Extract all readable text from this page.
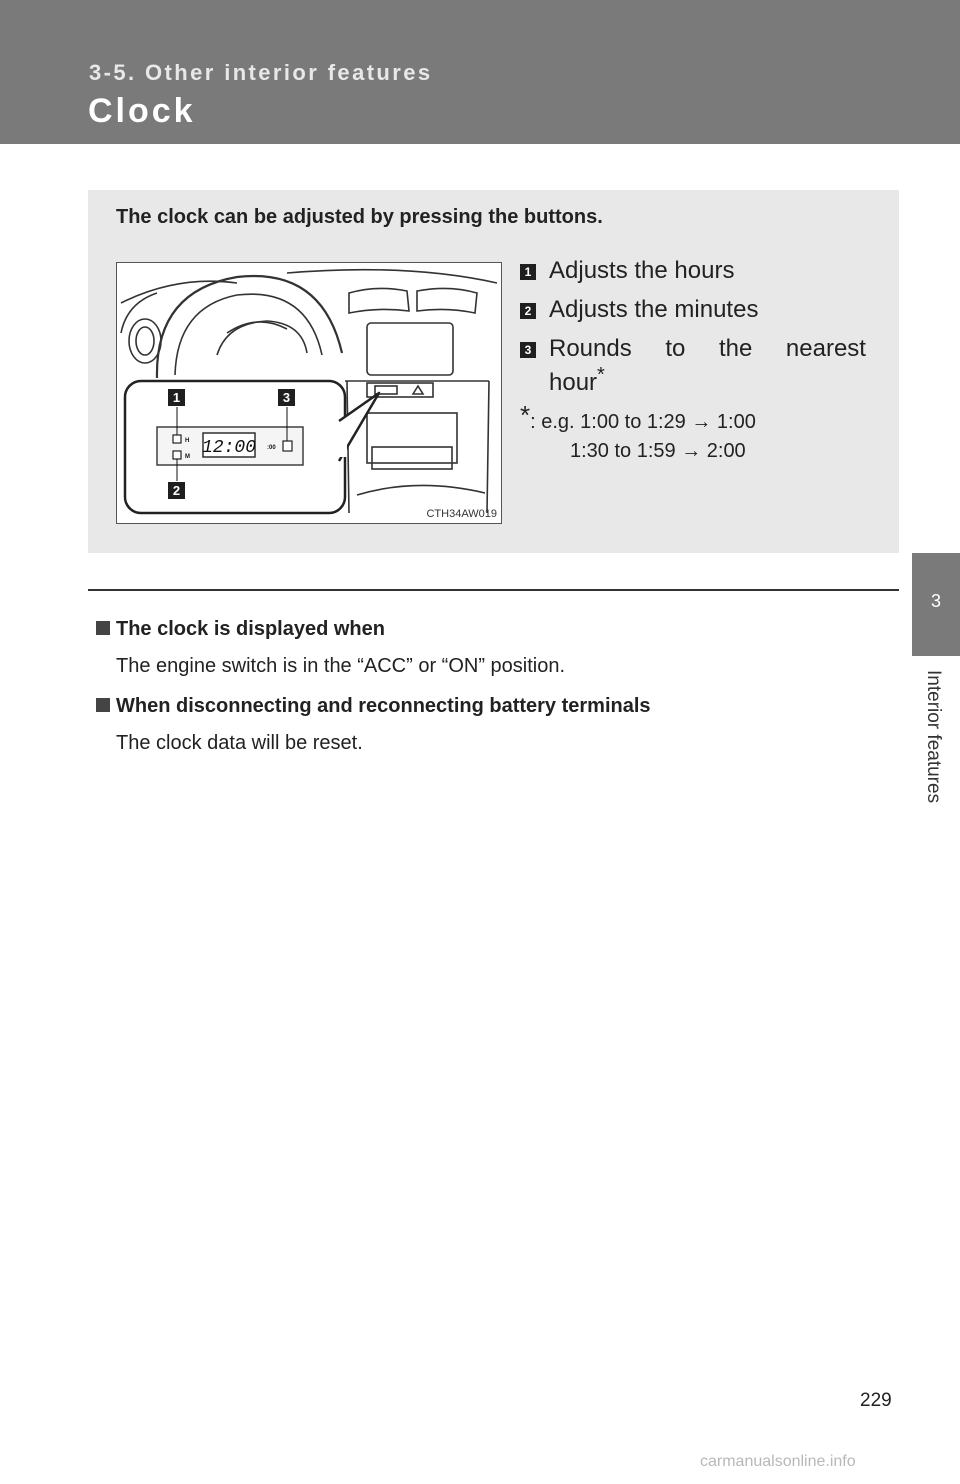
3-5. Other interior features
Clock
3
Interior features
The clock can be adjusted by pressing the buttons.
12:00
H
M
:00
1	3
2
CTH34AW019
1 Adjusts the hours
2 Adjusts the minutes
3 Rounds to the nearest
hour*
*: e.g. 1:00 to 1:29 → 1:00
1:30 to 1:59 → 2:00
The clock is displayed when
The engine switch is in the “ACC” or “ON” position.
When disconnecting and reconnecting battery terminals
The clock data will be reset.
229
carmanualsonline.info
